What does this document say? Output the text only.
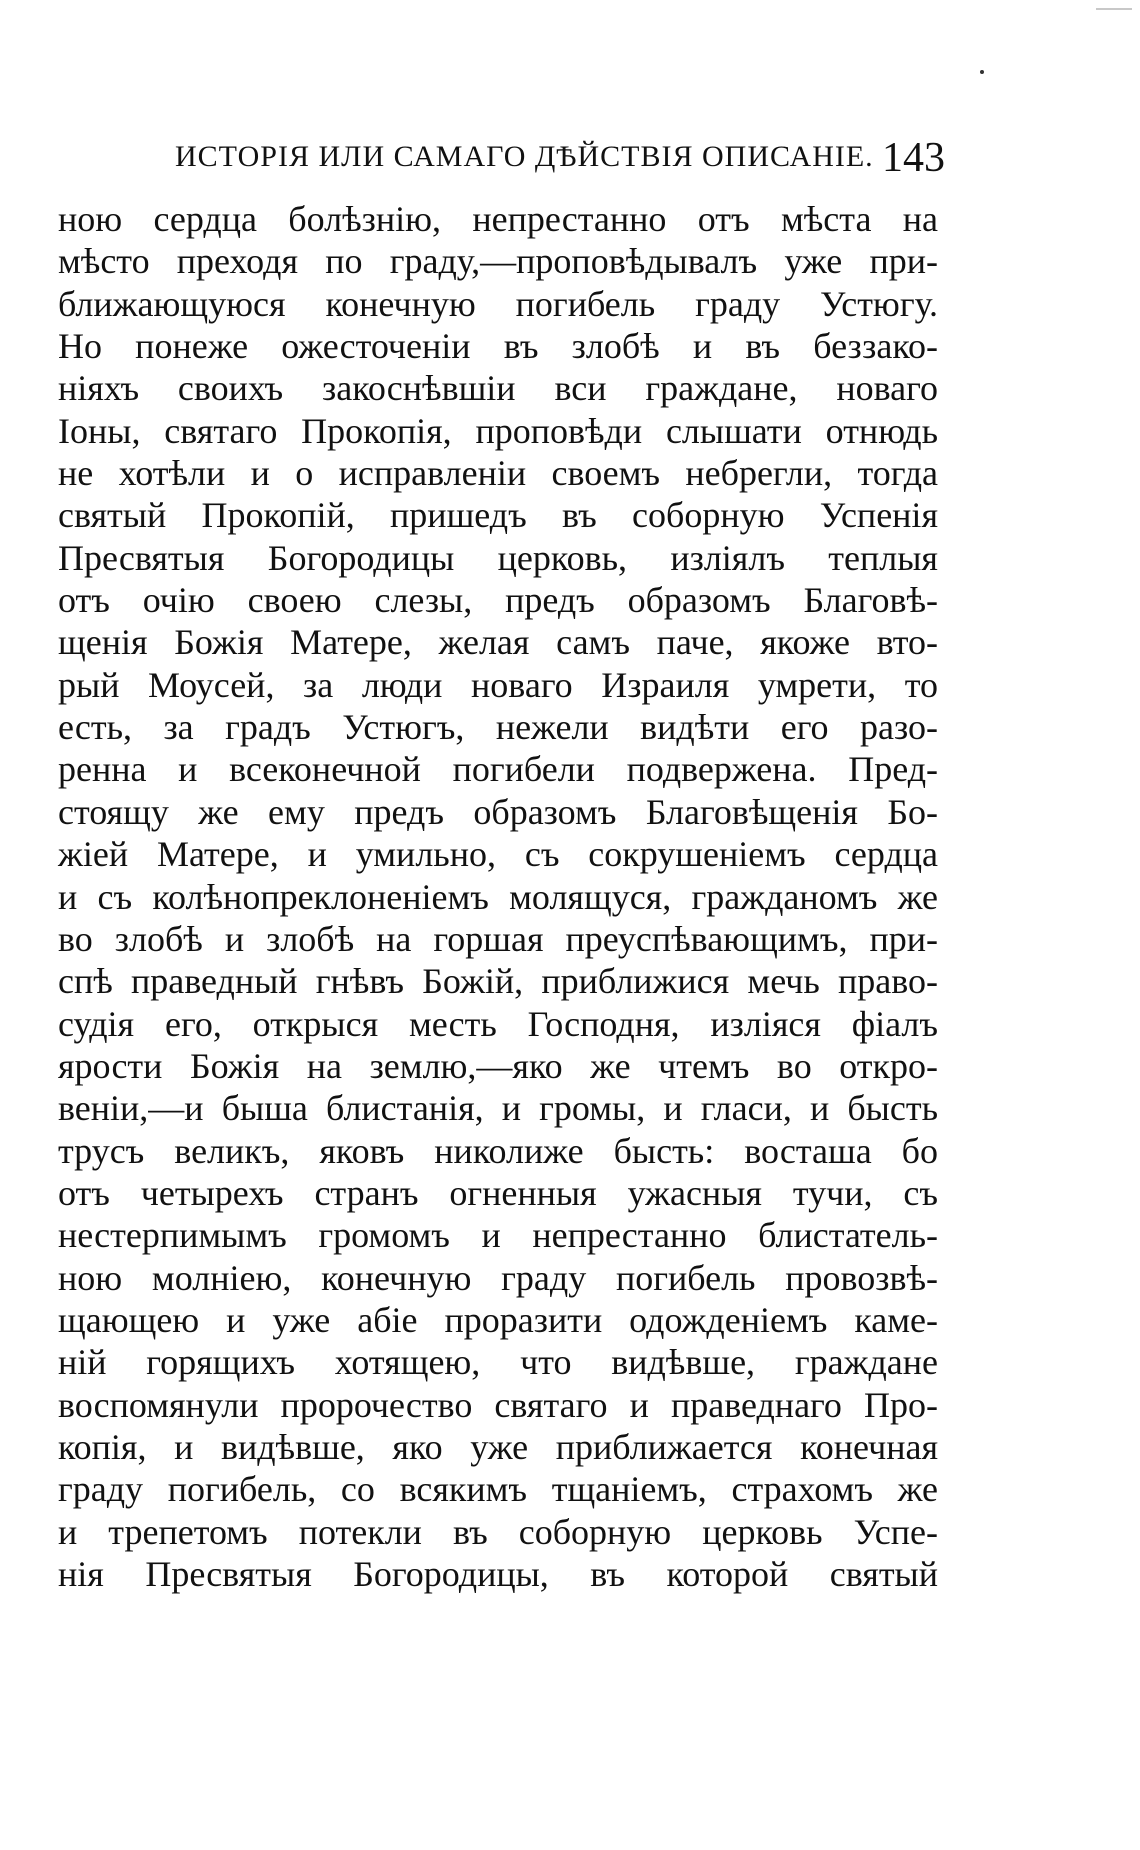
ИСТОРІЯ ИЛИ САМАГО ДѢЙСТВІЯ ОПИСАНІЕ. 143
ною сердца болѣзнію, непрестанно отъ мѣста на
мѣсто преходя по граду,—проповѣдывалъ уже при-
ближающуюся конечную погибель граду Устюгу.
Но понеже ожесточеніи въ злобѣ и въ беззако-
ніяхъ своихъ закоснѣвшіи вси граждане, новаго
Іоны, святаго Прокопія, проповѣди слышати отнюдь
не хотѣли и о исправленіи своемъ небрегли, тогда
святый Прокопій, пришедъ въ соборную Успенія
Пресвятыя Богородицы церковь, изліялъ теплыя
отъ очію своею слезы, предъ образомъ Благовѣ-
щенія Божія Матере, желая самъ паче, якоже вто-
рый Моусей, за люди новаго Израиля умрети, то
есть, за градъ Устюгъ, нежели видѣти его разо-
ренна и всеконечной погибели подвержена. Пред-
стоящу же ему предъ образомъ Благовѣщенія Бо-
жіей Матере, и умильно, съ сокрушеніемъ сердца
и съ колѣнопреклоненіемъ молящуся, гражданомъ же
во злобѣ и злобѣ на горшая преуспѣвающимъ, при-
спѣ праведный гнѣвъ Божій, приближися мечь право-
судія его, открыся месть Господня, изліяся фіалъ
ярости Божія на землю,—яко же чтемъ во откро-
веніи,—и быша блистанія, и громы, и гласи, и бысть
трусъ великъ, яковъ николиже бысть: восташа бо
отъ четырехъ странъ огненныя ужасныя тучи, съ
нестерпимымъ громомъ и непрестанно блистатель-
ною молніею, конечную граду погибель провозвѣ-
щающею и уже абіе проразити одожденіемъ каме-
ній горящихъ хотящею, что видѣвше, граждане
воспомянули пророчество святаго и праведнаго Про-
копія, и видѣвше, яко уже приближается конечная
граду погибель, со всякимъ тщаніемъ, страхомъ же
и трепетомъ потекли въ соборную церковь Успе-
нія Пресвятыя Богородицы, въ которой святый
